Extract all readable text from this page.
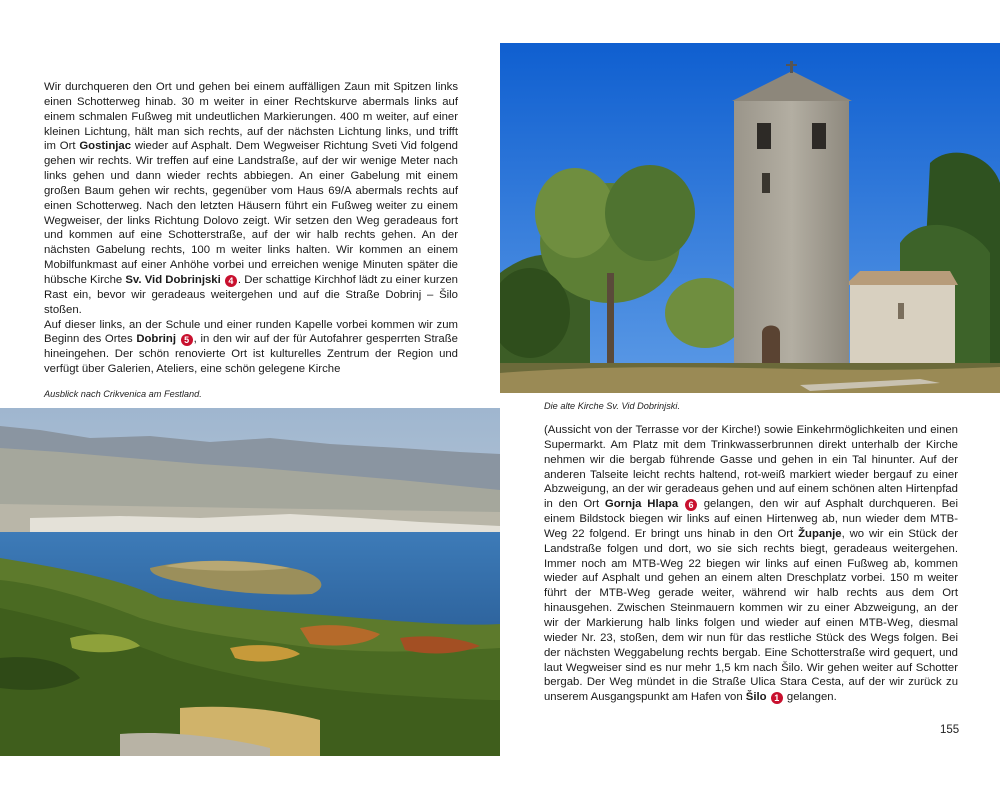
Wir durchqueren den Ort und gehen bei einem auffälligen Zaun mit Spitzen links einen Schotterweg hinab. 30 m weiter in einer Rechtskurve abermals links auf einem schmalen Fußweg mit undeutlichen Markierungen. 400 m weiter, auf einer kleinen Lichtung, hält man sich rechts, auf der nächsten Lichtung links, und trifft im Ort Gostinjac wieder auf Asphalt. Dem Wegweiser Richtung Sveti Vid folgend gehen wir rechts. Wir treffen auf eine Landstraße, auf der wir wenige Meter nach links gehen und dann wieder rechts abbiegen. An einer Gabelung mit einem großen Baum gehen wir rechts, gegenüber vom Haus 69/A abermals rechts auf einen Schotterweg. Nach den letzten Häusern führt ein Fußweg weiter zu einem Wegweiser, der links Richtung Dolovo zeigt. Wir setzen den Weg geradeaus fort und kommen auf eine Schotterstraße, auf der wir halb rechts gehen. An der nächsten Gabelung rechts, 100 m weiter links halten. Wir kommen an einem Mobilfunkmast auf einer Anhöhe vorbei und erreichen wenige Minuten später die hübsche Kirche Sv. Vid Dobrinjski 4 . Der schattige Kirchhof lädt zu einer kurzen Rast ein, bevor wir geradeaus weitergehen und auf die Straße Dobrinj – Šilo stoßen.

Auf dieser links, an der Schule und einer runden Kapelle vorbei kommen wir zum Beginn des Ortes Dobrinj 5 , in den wir auf der für Autofahrer gesperrten Straße hineingehen. Der schön renovierte Ort ist kulturelles Zentrum der Region und verfügt über Galerien, Ateliers, eine schön gelegene Kirche

Ausblick nach Crikvenica am Festland.
Die alte Kirche Sv. Vid Dobrinjski.

(Aussicht von der Terrasse vor der Kirche!) sowie Einkehrmöglichkeiten und einen Supermarkt. Am Platz mit dem Trinkwasserbrunnen direkt unterhalb der Kirche nehmen wir die bergab führende Gasse und gehen in ein Tal hinunter. Auf der anderen Talseite leicht rechts haltend, rot-weiß markiert wieder bergauf zu einer Abzweigung, an der wir geradeaus gehen und auf einem schönen alten Hirtenpfad in den Ort Gornja Hlapa 6 gelangen, den wir auf Asphalt durchqueren. Bei einem Bildstock biegen wir links auf einen Hirtenweg ab, nun wieder dem MTB-Weg 22 folgend. Er bringt uns hinab in den Ort Županje, wo wir ein Stück der Landstraße folgen und dort, wo sie sich rechts biegt, geradeaus weitergehen. Immer noch am MTB-Weg 22 biegen wir links auf einen Fußweg ab, kommen wieder auf Asphalt und gehen an einem alten Dreschplatz vorbei. 150 m weiter führt der MTB-Weg gerade weiter, während wir halb rechts aus dem Ort hinausgehen. Zwischen Steinmauern kommen wir zu einer Abzweigung, an der wir der Markierung halb links folgen und wieder auf einen MTB-Weg, diesmal wieder Nr. 23, stoßen, dem wir nun für das restliche Stück des Wegs folgen. Bei der nächsten Weggabelung rechts bergab. Eine Schotterstraße wird gequert, und laut Wegweiser sind es nur mehr 1,5 km nach Šilo. Wir gehen weiter auf Schotter bergab. Der Weg mündet in die Straße Ulica Stara Cesta, auf der wir zurück zu unserem Ausgangspunkt am Hafen von Šilo 1 gelangen.

155
